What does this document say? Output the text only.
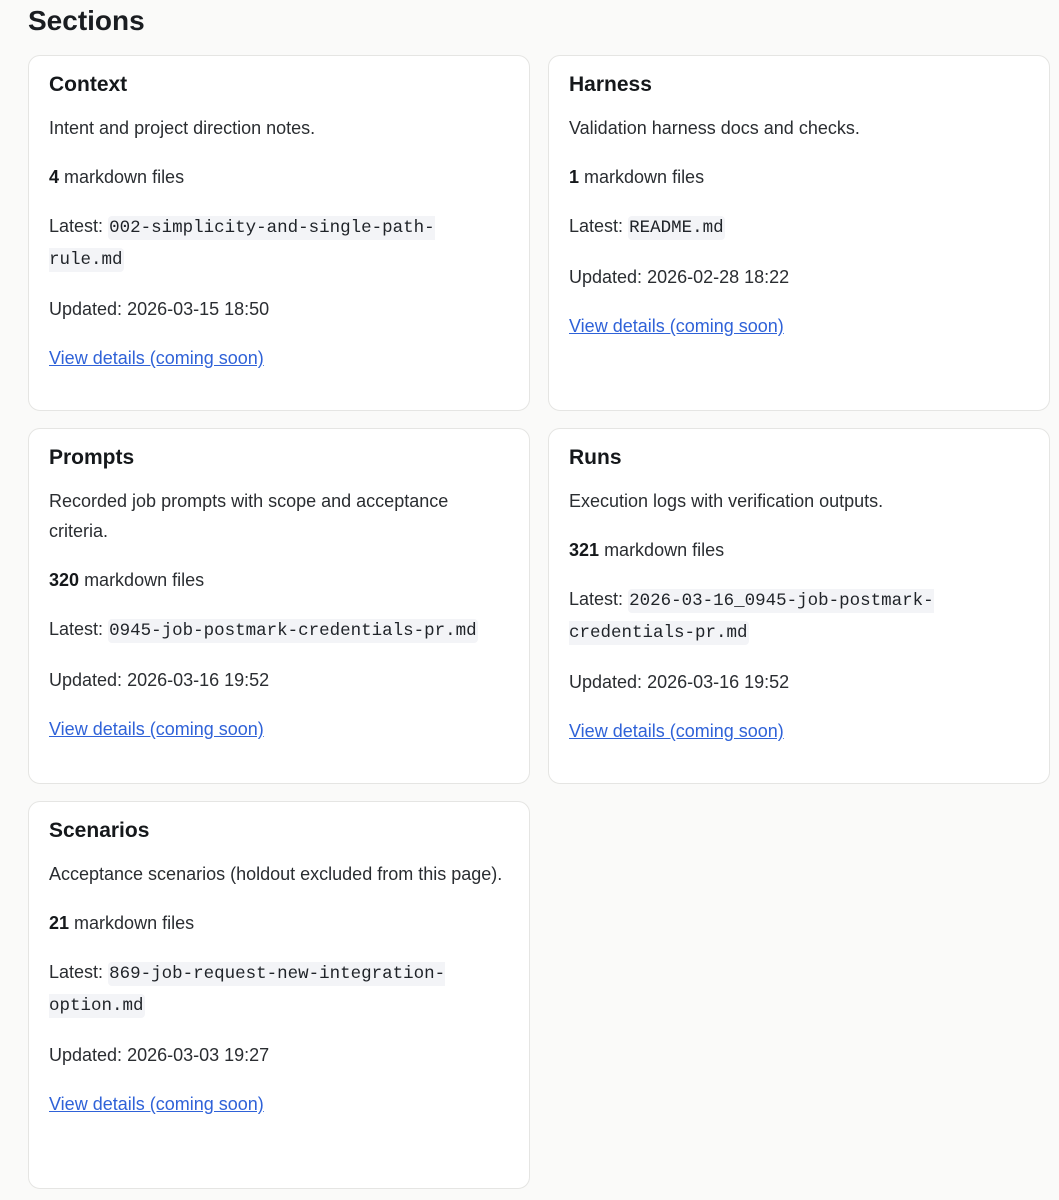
Sections
Context

Intent and project direction notes.

4 markdown files

Latest: 002-simplicity-and-single-path-rule.md

Updated: 2026-03-15 18:50

View details (coming soon)

Harness

Validation harness docs and checks.

1 markdown files

Latest: README.md

Updated: 2026-02-28 18:22

View details (coming soon)

Prompts

Recorded job prompts with scope and acceptance criteria.

320 markdown files

Latest: 0945-job-postmark-credentials-pr.md

Updated: 2026-03-16 19:52

View details (coming soon)

Runs

Execution logs with verification outputs.

321 markdown files

Latest: 2026-03-16_0945-job-postmark-credentials-pr.md

Updated: 2026-03-16 19:52

View details (coming soon)

Scenarios

Acceptance scenarios (holdout excluded from this page).

21 markdown files

Latest: 869-job-request-new-integration-option.md

Updated: 2026-03-03 19:27

View details (coming soon)
